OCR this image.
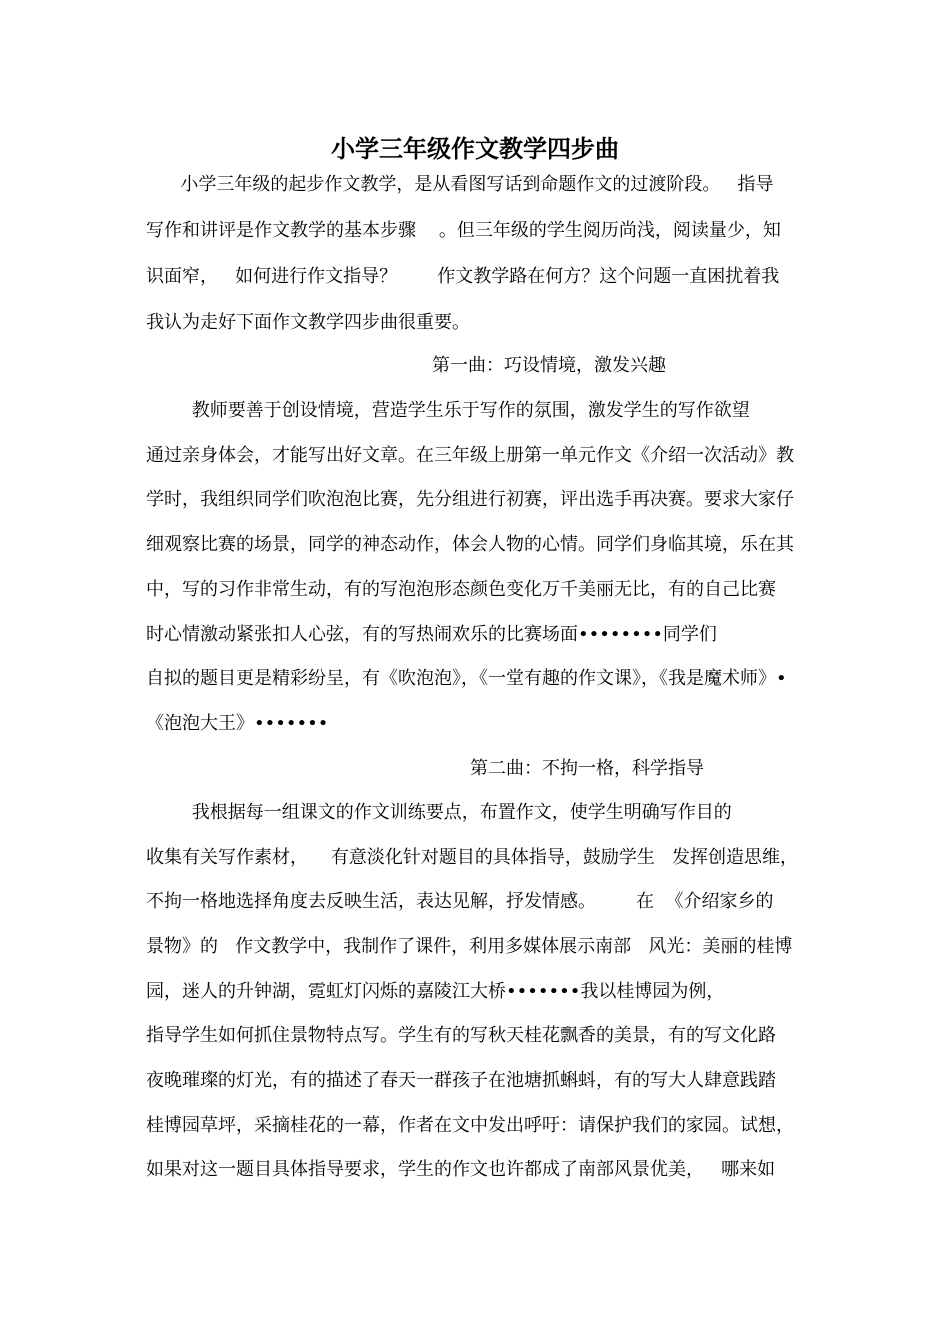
小学三年级作文教学四步曲
小学三年级的起步作文教学，是从看图写话到命题作文的过渡阶段。   指导
写作和讲评是作文教学的基本步骤    。但三年级的学生阅历尚浅，阅读量少，知
识面窄，   如何进行作文指导？       作文教学路在何方？这个问题一直困扰着我
我认为走好下面作文教学四步曲很重要。
第一曲：巧设情境，激发兴趣
教师要善于创设情境，营造学生乐于写作的氛围，激发学生的写作欲望
通过亲身体会，才能写出好文章。在三年级上册第一单元作文《介绍一次活动》教
学时，我组织同学们吹泡泡比赛，先分组进行初赛，评出选手再决赛。要求大家仔
细观察比赛的场景，同学的神态动作，体会人物的心情。同学们身临其境，乐在其
中，写的习作非常生动，有的写泡泡形态颜色变化万千美丽无比，有的自己比赛
时心情激动紧张扣人心弦，有的写热闹欢乐的比赛场面••••••••同学们
自拟的题目更是精彩纷呈，有《吹泡泡》，《一堂有趣的作文课》，《我是魔术师》•
《泡泡大王》•••••••
第二曲：不拘一格，科学指导
我根据每一组课文的作文训练要点，布置作文，使学生明确写作目的
收集有关写作素材，    有意淡化针对题目的具体指导，鼓励学生   发挥创造思维，
不拘一格地选择角度去反映生活，表达见解，抒发情感。       在  《介绍家乡的
景物》的   作文教学中，我制作了课件，利用多媒体展示南部   风光：美丽的桂博
园，迷人的升钟湖，霓虹灯闪烁的嘉陵江大桥•••••••我以桂博园为例，
指导学生如何抓住景物特点写。学生有的写秋天桂花飘香的美景，有的写文化路
夜晚璀璨的灯光，有的描述了春天一群孩子在池塘抓蝌蚪，有的写大人肆意践踏
桂博园草坪，采摘桂花的一幕，作者在文中发出呼吁：请保护我们的家园。试想，
如果对这一题目具体指导要求，学生的作文也许都成了南部风景优美，   哪来如
